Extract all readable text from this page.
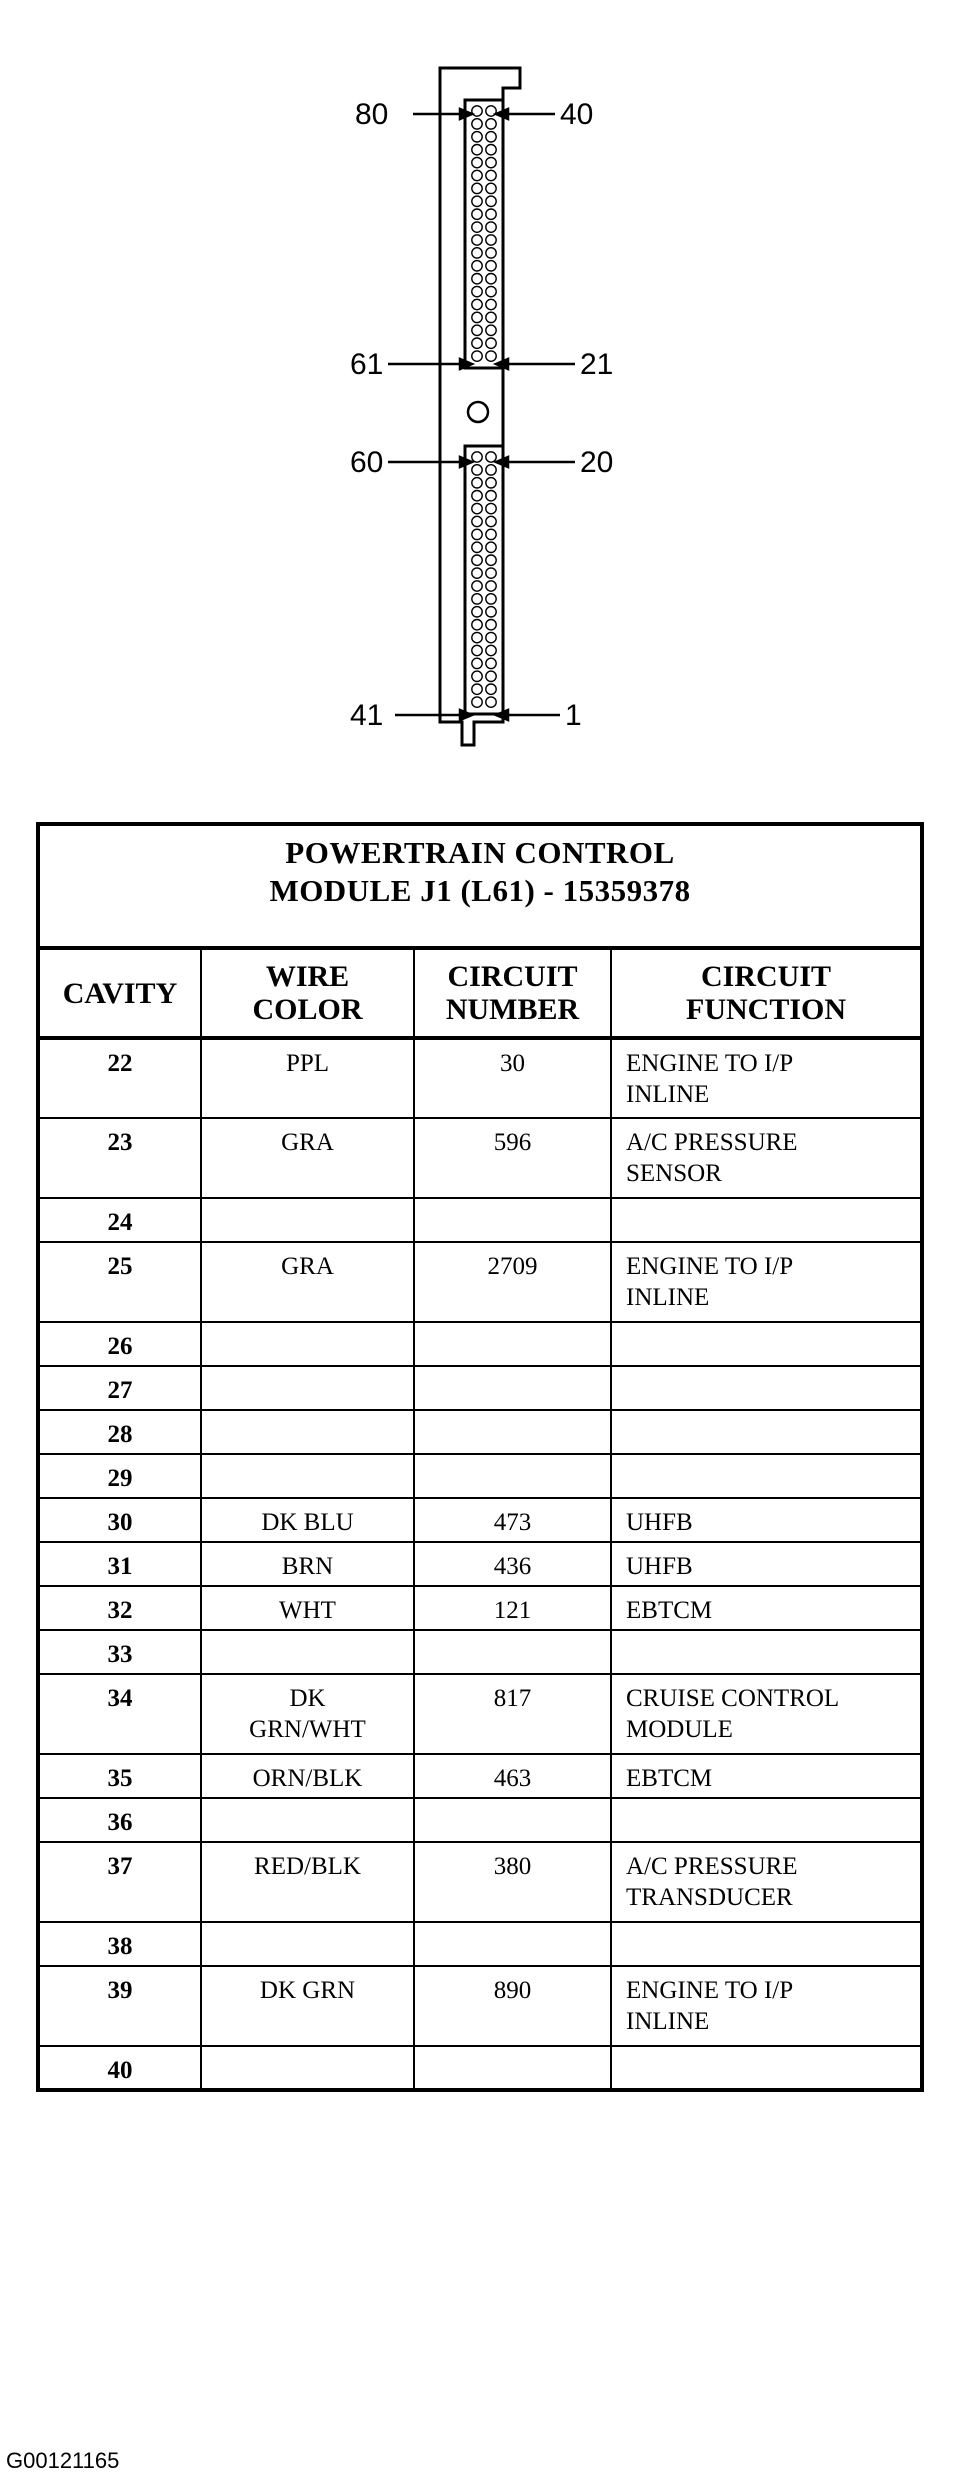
80	40
61	21
60	20
41	1
POWERTRAIN CONTROL
MODULE J1 (L61) - 15359378			

CAVITY	WIRE COLOR	CIRCUIT NUMBER	CIRCUIT FUNCTION
22	PPL	30	ENGINE TO I/P INLINE
23	GRA	596	A/C PRESSURE SENSOR
24			
25	GRA	2709	ENGINE TO I/P INLINE
26			
27			
28			
29			
30	DK BLU	473	UHFB
31	BRN	436	UHFB
32	WHT	121	EBTCM
33			
34	DK GRN/WHT	817	CRUISE CONTROL MODULE
35	ORN/BLK	463	EBTCM
36			
37	RED/BLK	380	A/C PRESSURE TRANSDUCER
38			
39	DK GRN	890	ENGINE TO I/P INLINE
40			
G00121165
